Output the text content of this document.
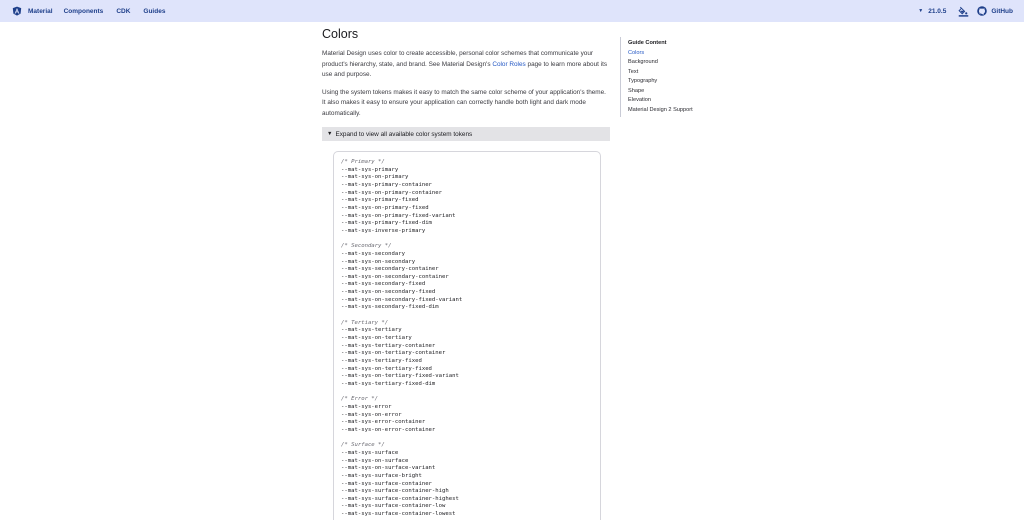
Material Components CDK Guides	▼ 21.0.5	GitHub
Colors

Material Design uses color to create accessible, personal color schemes that communicate your product's hierarchy, state, and brand. See Material Design's Color Roles page to learn more about its use and purpose.

Using the system tokens makes it easy to match the same color scheme of your application's theme. It also makes it easy to ensure your application can correctly handle both light and dark mode automatically.

▼ Expand to view all available color system tokens
/* Primary */
--mat-sys-primary
--mat-sys-on-primary
--mat-sys-primary-container
--mat-sys-on-primary-container
--mat-sys-primary-fixed
--mat-sys-on-primary-fixed
--mat-sys-on-primary-fixed-variant
--mat-sys-primary-fixed-dim
--mat-sys-inverse-primary
/* Secondary */
--mat-sys-secondary
--mat-sys-on-secondary
--mat-sys-secondary-container
--mat-sys-on-secondary-container
--mat-sys-secondary-fixed
--mat-sys-on-secondary-fixed
--mat-sys-on-secondary-fixed-variant
--mat-sys-secondary-fixed-dim
/* Tertiary */
--mat-sys-tertiary
--mat-sys-on-tertiary
--mat-sys-tertiary-container
--mat-sys-on-tertiary-container
--mat-sys-tertiary-fixed
--mat-sys-on-tertiary-fixed
--mat-sys-on-tertiary-fixed-variant
--mat-sys-tertiary-fixed-dim
/* Error */
--mat-sys-error
--mat-sys-on-error
--mat-sys-error-container
--mat-sys-on-error-container
/* Surface */
--mat-sys-surface
--mat-sys-on-surface
--mat-sys-on-surface-variant
--mat-sys-surface-bright
--mat-sys-surface-container
--mat-sys-surface-container-high
--mat-sys-surface-container-highest
--mat-sys-surface-container-low
--mat-sys-surface-container-lowest
Guide Content
Colors
Background
Text
Typography
Shape
Elevation
Material Design 2 Support
